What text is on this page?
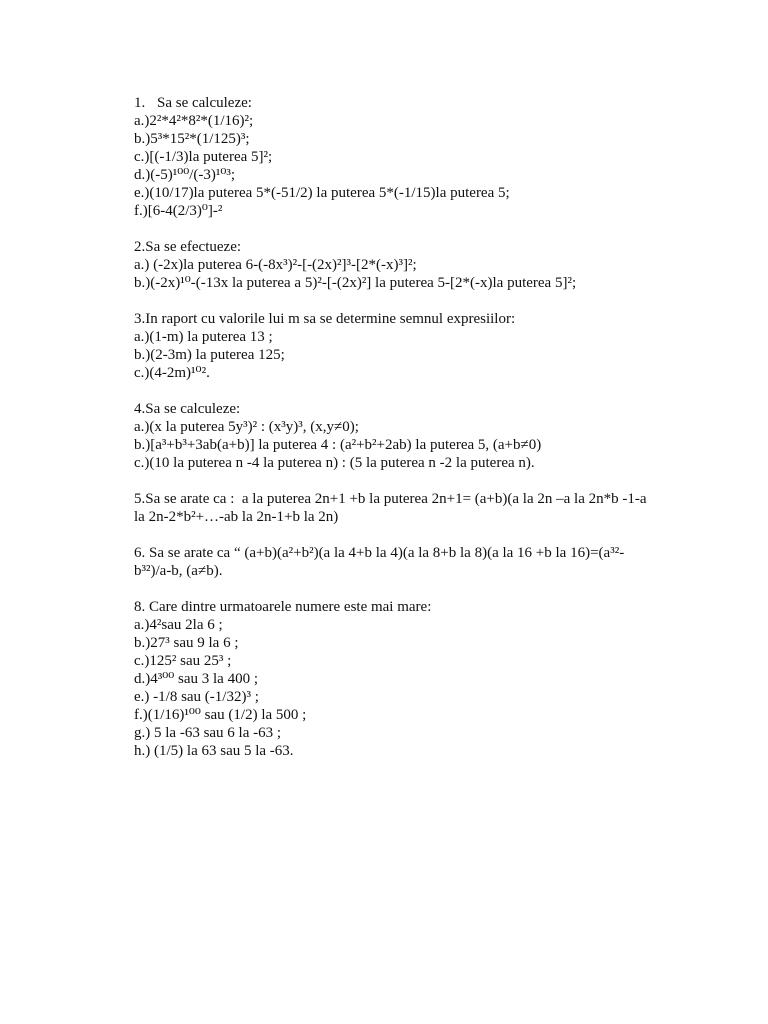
1. Sa se calculeze:
a.)2²*4²*8²*(1/16)²;
b.)5³*15²*(1/125)³;
c.)[(-1/3)la puterea 5]²;
d.)(-5)¹⁰⁰/(-3)¹⁰³;
e.)(10/17)la puterea 5*(-51/2) la puterea 5*(-1/15)la puterea 5;
f.)[6-4(2/3)⁰]-²
2.Sa se efectueze:
a.) (-2x)la puterea 6-(-8x³)²-[-(2x)²]³-[2*(-x)³]²;
b.)(-2x)¹⁰-(-13x la puterea a 5)²-[-(2x)²] la puterea 5-[2*(-x)la puterea 5]²;
3.In raport cu valorile lui m sa se determine semnul expresiilor:
a.)(1-m) la puterea 13 ;
b.)(2-3m) la puterea 125;
c.)(4-2m)¹⁰².
4.Sa se calculeze:
a.)(x la puterea 5y³)² : (x³y)³, (x,y≠0);
b.)[a³+b³+3ab(a+b)] la puterea 4 : (a²+b²+2ab) la puterea 5, (a+b≠0)
c.)(10 la puterea n -4 la puterea n) : (5 la puterea n -2 la puterea n).
5.Sa se arate ca :  a la puterea 2n+1 +b la puterea 2n+1= (a+b)(a la 2n –a la 2n*b -1-a
la 2n-2*b²+…-ab la 2n-1+b la 2n)
6. Sa se arate ca “ (a+b)(a²+b²)(a la 4+b la 4)(a la 8+b la 8)(a la 16 +b la 16)=(a³²-
b³²)/a-b, (a≠b).
8. Care dintre urmatoarele numere este mai mare:
a.)4²sau 2la 6 ;
b.)27³ sau 9 la 6 ;
c.)125² sau 25³ ;
d.)4³⁰⁰ sau 3 la 400 ;
e.) -1/8 sau (-1/32)³ ;
f.)(1/16)¹⁰⁰ sau (1/2) la 500 ;
g.) 5 la -63 sau 6 la -63 ;
h.) (1/5) la 63 sau 5 la -63.
